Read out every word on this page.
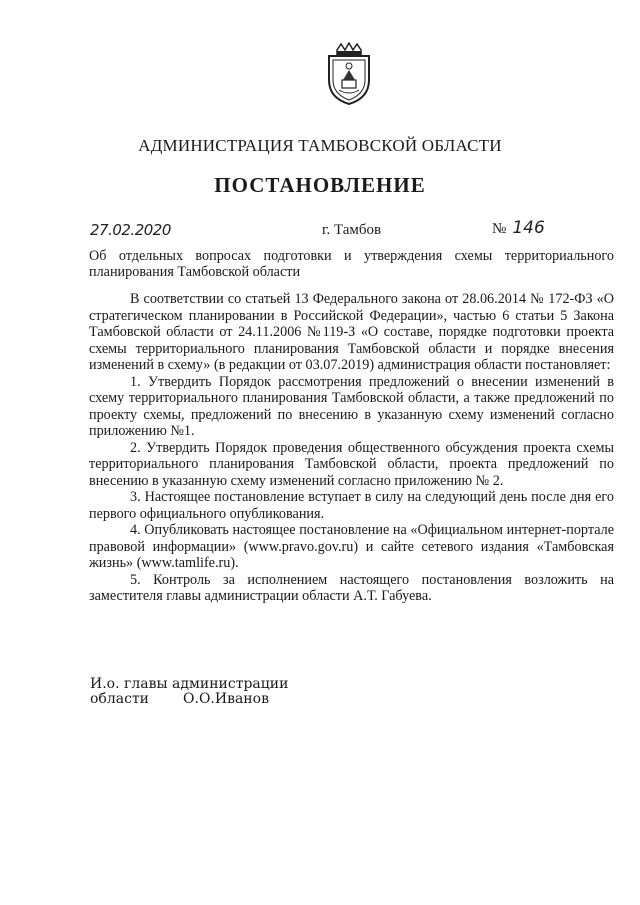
АДМИНИСТРАЦИЯ ТАМБОВСКОЙ ОБЛАСТИ
ПОСТАНОВЛЕНИЕ
27.02.2020	г. Тамбов	№ 146
Об отдельных вопросах подготовки и утверждения схемы территориального планирования Тамбовской области

В соответствии со статьей 13 Федерального закона от 28.06.2014 № 172-ФЗ «О стратегическом планировании в Российской Федерации», частью 6 статьи 5 Закона Тамбовской области от 24.11.2006 №119-З «О составе, порядке подготовки проекта схемы территориального планирования Тамбовской области и порядке внесения изменений в схему» (в редакции от 03.07.2019) администрация области постановляет:

1. Утвердить Порядок рассмотрения предложений о внесении изменений в схему территориального планирования Тамбовской области, а также предложений по проекту схемы, предложений по внесению в указанную схему изменений согласно приложению №1.

2. Утвердить Порядок проведения общественного обсуждения проекта схемы территориального планирования Тамбовской области, проекта предложений по внесению в указанную схему изменений согласно приложению № 2.

3. Настоящее постановление вступает в силу на следующий день после дня его первого официального опубликования.

4. Опубликовать настоящее постановление на «Официальном интернет-портале правовой информации» (www.pravo.gov.ru) и сайте сетевого издания «Тамбовская жизнь» (www.tamlife.ru).

5. Контроль за исполнением настоящего постановления возложить на заместителя главы администрации области А.Т. Габуева.

И.о. главы администрации
области О.О.Иванов
